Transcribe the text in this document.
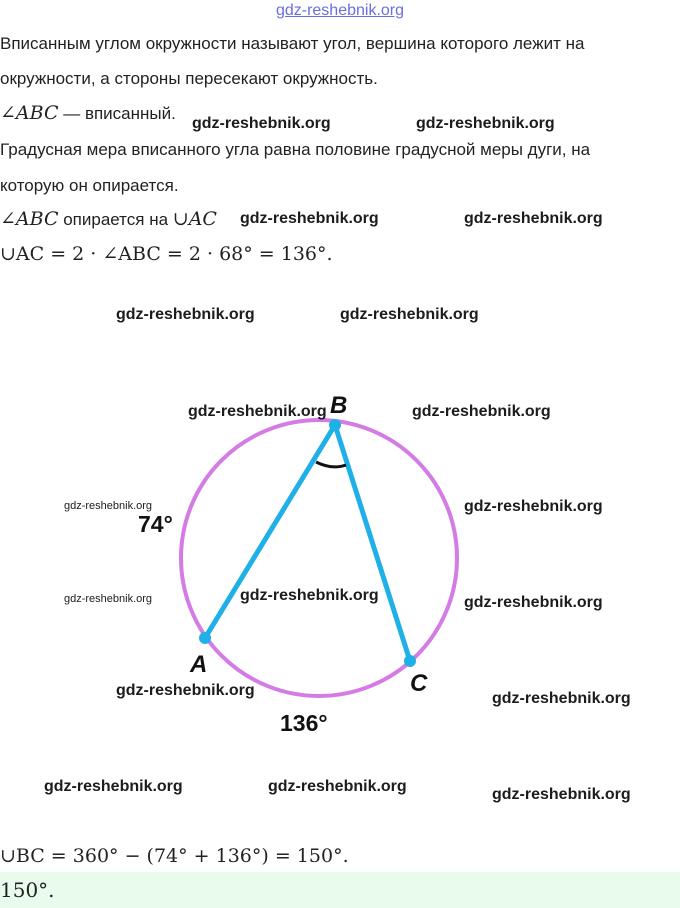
gdz-reshebnik.org
Вписанным углом окружности называют угол, вершина которого лежит на
окружности, а стороны пересекают окружность.
∠ABC — вписанный.
Градусная мера вписанного угла равна половине градусной меры дуги, на
которую он опирается.
∠ABC опирается на ∪AC
∪AC = 2 · ∠ABC = 2 · 68° = 136°.
B
A
C
74°
136°
gdz-reshebnik.org	gdz-reshebnik.org
gdz-reshebnik.org	gdz-reshebnik.org
gdz-reshebnik.org	gdz-reshebnik.org
gdz-reshebnik.org	gdz-reshebnik.org
gdz-reshebnik.org	gdz-reshebnik.org
gdz-reshebnik.org	gdz-reshebnik.org	gdz-reshebnik.org
gdz-reshebnik.org	gdz-reshebnik.org
gdz-reshebnik.org	gdz-reshebnik.org	gdz-reshebnik.org
∪BC = 360° − (74° + 136°) = 150°.
150°.
